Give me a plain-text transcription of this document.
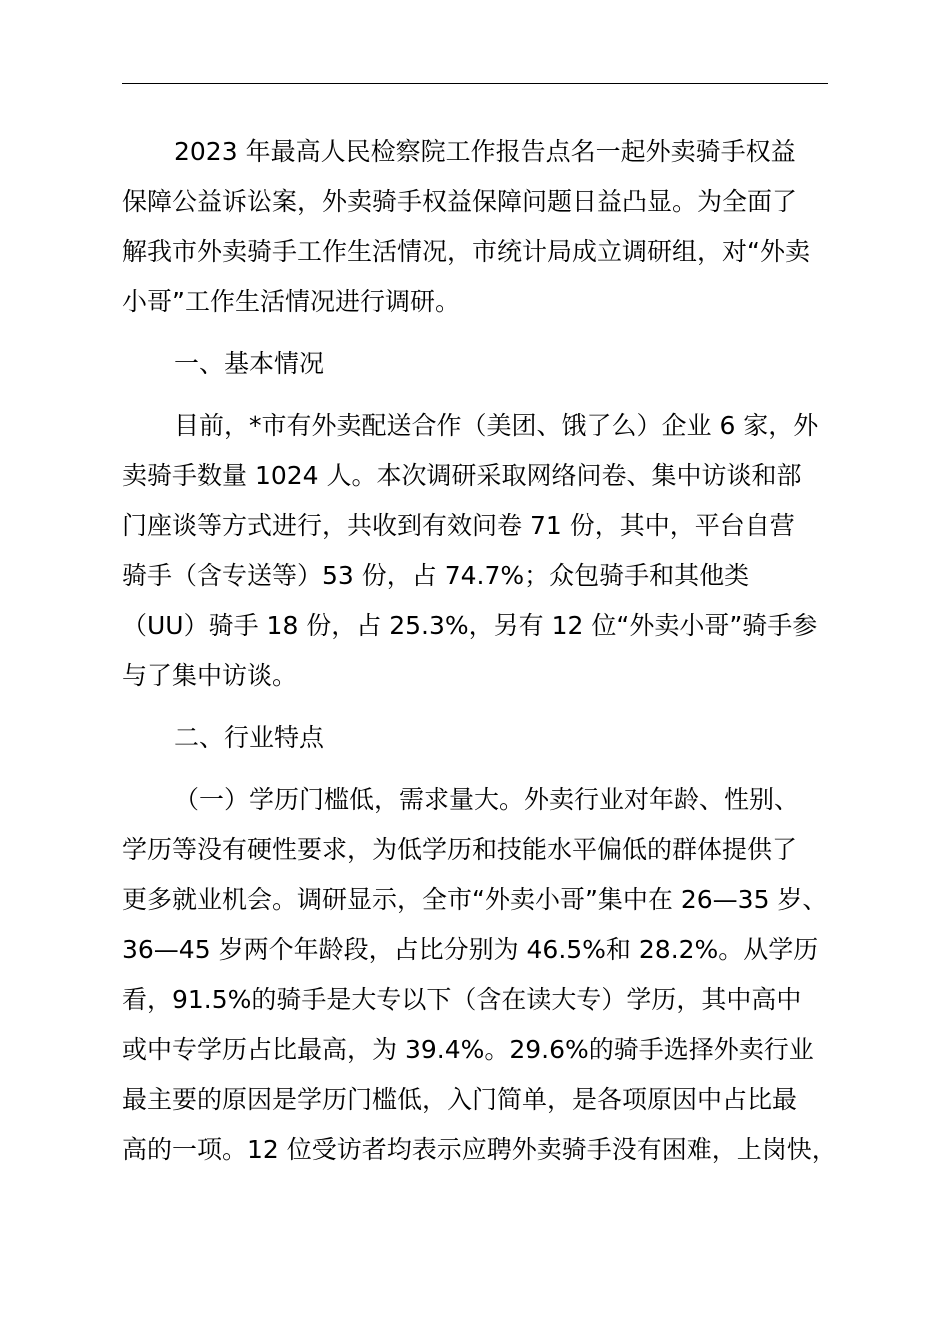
2023 年最高人民检察院工作报告点名一起外卖骑手权益
保障公益诉讼案，外卖骑手权益保障问题日益凸显。为全面了
解我市外卖骑手工作生活情况，市统计局成立调研组，对“外卖
小哥”工作生活情况进行调研。
一、基本情况
目前，*市有外卖配送合作（美团、饿了么）企业 6 家，外
卖骑手数量 1024 人。本次调研采取网络问卷、集中访谈和部
门座谈等方式进行，共收到有效问卷 71 份，其中，平台自营
骑手（含专送等）53 份，占 74.7%；众包骑手和其他类
（UU）骑手 18 份，占 25.3%，另有 12 位“外卖小哥”骑手参
与了集中访谈。
二、行业特点
（一）学历门槛低，需求量大。外卖行业对年龄、性别、
学历等没有硬性要求，为低学历和技能水平偏低的群体提供了
更多就业机会。调研显示，全市“外卖小哥”集中在 26—35 岁、
36—45 岁两个年龄段，占比分别为 46.5%和 28.2%。从学历
看，91.5%的骑手是大专以下（含在读大专）学历，其中高中
或中专学历占比最高，为 39.4%。29.6%的骑手选择外卖行业
最主要的原因是学历门槛低，入门简单，是各项原因中占比最
高的一项。12 位受访者均表示应聘外卖骑手没有困难，上岗快，
